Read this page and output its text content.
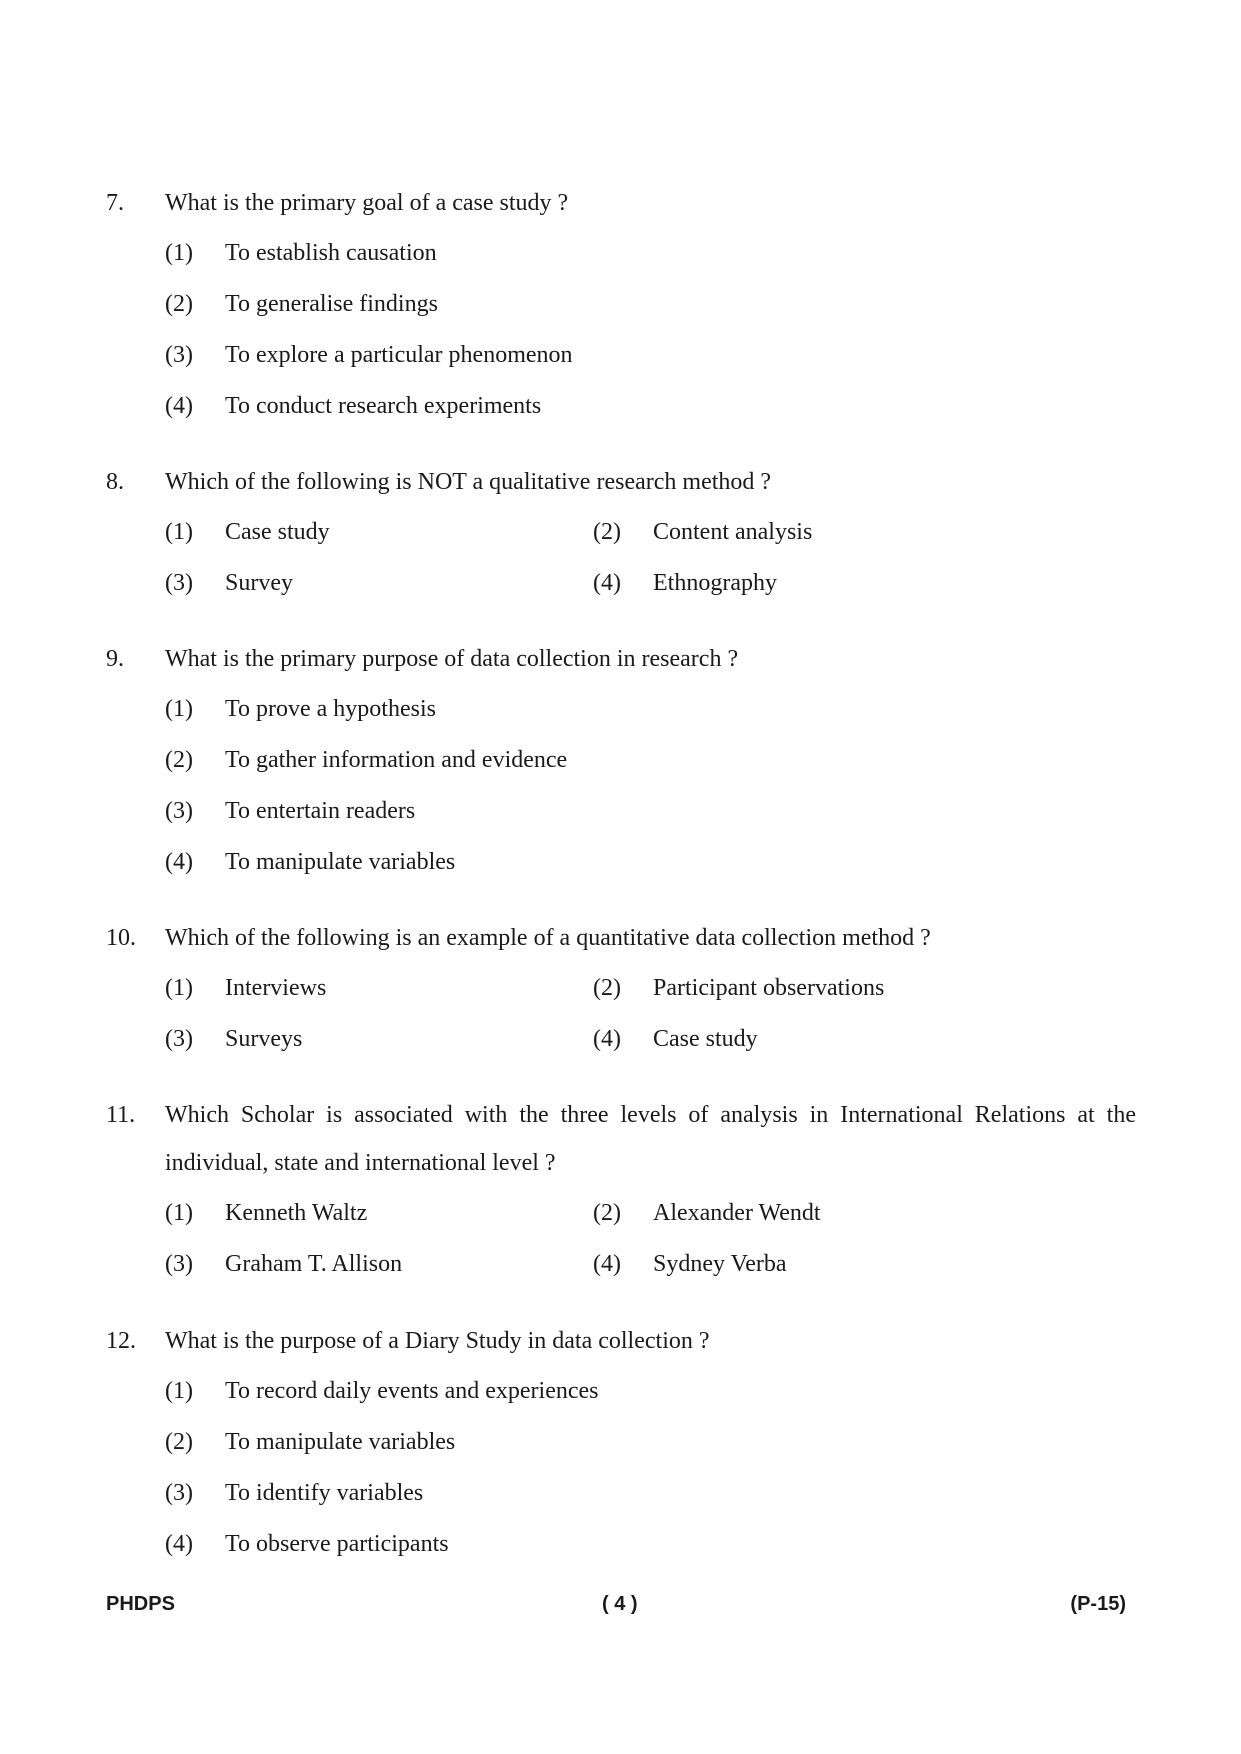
7. What is the primary goal of a case study ?
(1) To establish causation
(2) To generalise findings
(3) To explore a particular phenomenon
(4) To conduct research experiments
8. Which of the following is NOT a qualitative research method ?
(1) Case study	(2) Content analysis
(3) Survey	(4) Ethnography
9. What is the primary purpose of data collection in research ?
(1) To prove a hypothesis
(2) To gather information and evidence
(3) To entertain readers
(4) To manipulate variables
10. Which of the following is an example of a quantitative data collection method ?
(1) Interviews	(2) Participant observations
(3) Surveys	(4) Case study
11. Which Scholar is associated with the three levels of analysis in International Relations at the individual, state and international level ?
(1) Kenneth Waltz	(2) Alexander Wendt
(3) Graham T. Allison	(4) Sydney Verba
12. What is the purpose of a Diary Study in data collection ?
(1) To record daily events and experiences
(2) To manipulate variables
(3) To identify variables
(4) To observe participants
PHDPS	( 4 )	(P-15)
